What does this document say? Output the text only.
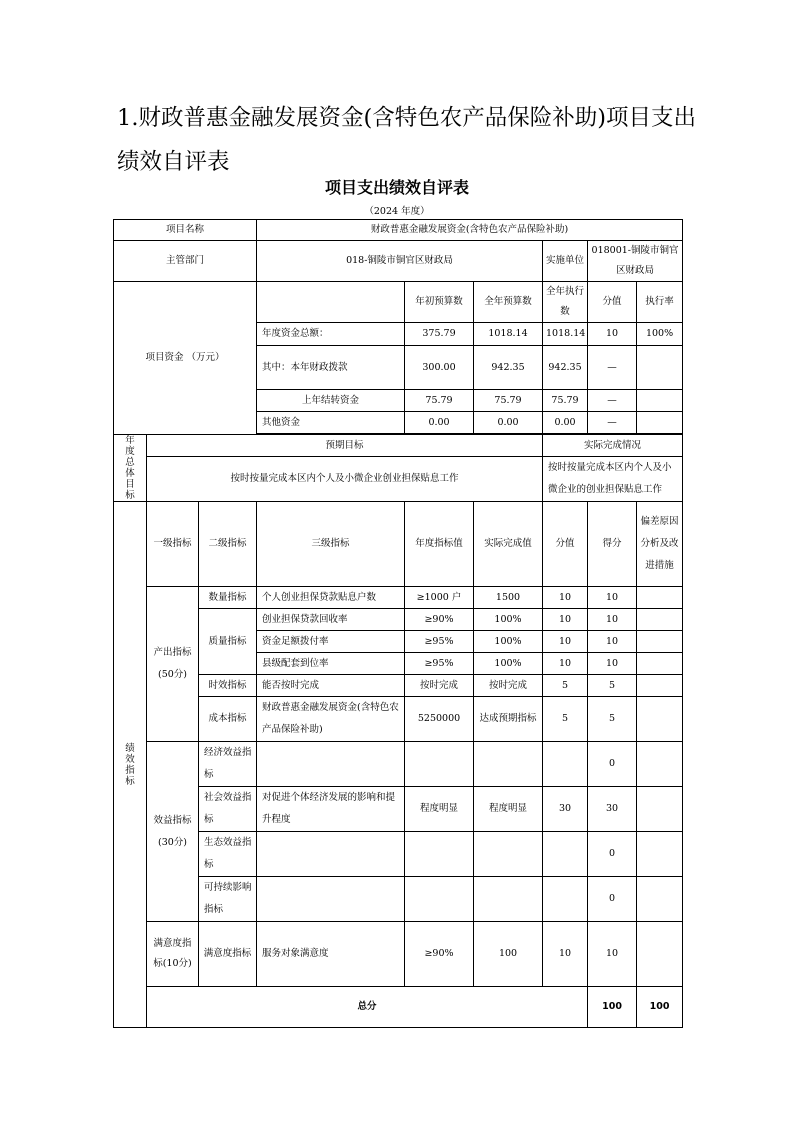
1.财政普惠金融发展资金(含特色农产品保险补助)项目支出绩效自评表
项目支出绩效自评表
（2024 年度）
项目名称			财政普惠金融发展资金(含特色农产品保险补助)						
主管部门			018-铜陵市铜官区财政局			实施单位	018001-铜陵市铜官区财政局		
项目资金 （万元）				年初预算数	全年预算数	全年执行数	分值	执行率	
			年度资金总额：	375.79	1018.14	1018.14	10	100%	
			其中：本年财政拨款	300.00	942.35	942.35	—		
			上年结转资金	75.79	75.79	75.79	—		
			其他资金	0.00	0.00	0.00	—		

年度总体目标	预期目标					实际完成情况			
	按时按量完成本区内个人及小微企业创业担保贴息工作					按时按量完成本区内个人及小微企业的创业担保贴息工作			
绩效指标	一级指标	二级指标	三级指标	年度指标值	实际完成值	分值	得分	偏差原因分析及改进措施	
	产出指标(50分)	数量指标	个人创业担保贷款贴息户数	≥1000 户	1500	10	10		
		质量指标	创业担保贷款回收率	≥90%	100%	10	10		
			资金足额拨付率	≥95%	100%	10	10		
			县级配套到位率	≥95%	100%	10	10		
		时效指标	能否按时完成	按时完成	按时完成	5	5		
		成本指标	财政普惠金融发展资金(含特色农产品保险补助)	5250000	达成预期指标	5	5		
	效益指标(30分)	经济效益指标					0		
		社会效益指标	对促进个体经济发展的影响和提升程度	程度明显	程度明显	30	30		
		生态效益指标					0		
		可持续影响指标					0		
	满意度指标(10分)	满意度指标	服务对象满意度	≥90%	100	10	10		
	总分						100	100	
